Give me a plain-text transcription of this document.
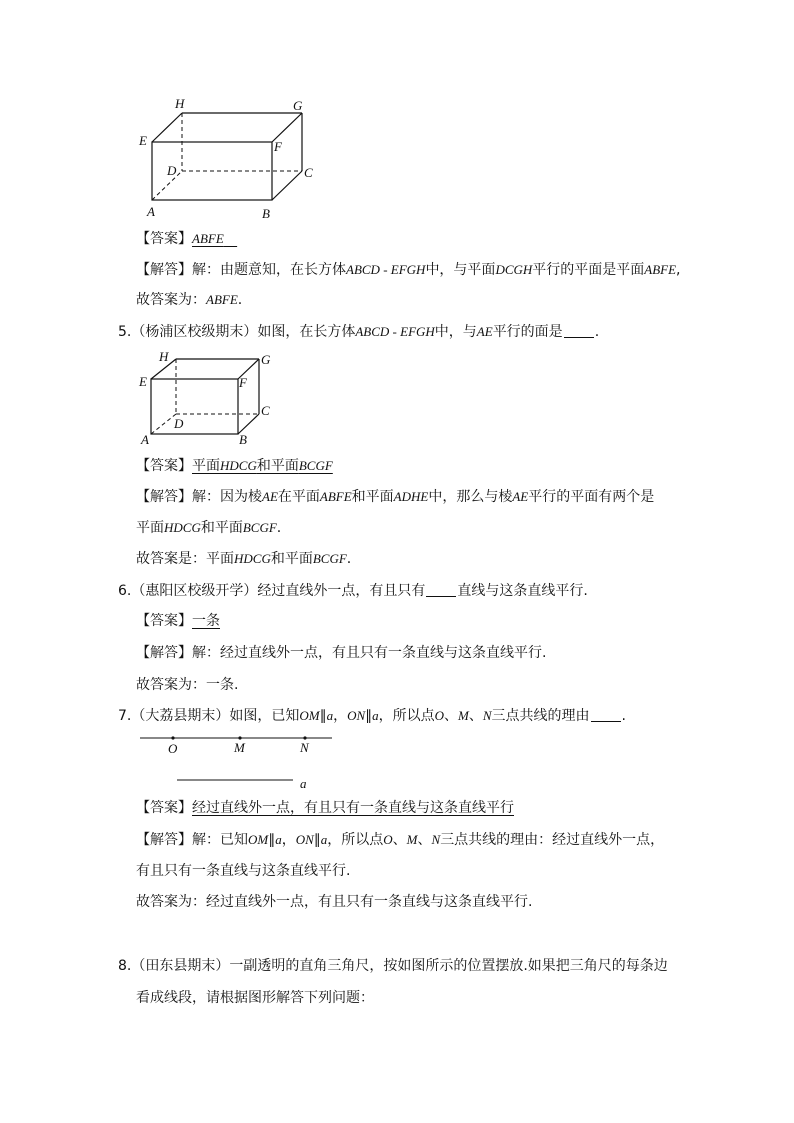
H	G
E	F
D	C
A	B
【答案】ABFE
【解答】解：由题意知，在长方体ABCD - EFGH中，与平面DCGH平行的平面是平面ABFE,
故答案为：ABFE.
5.（杨浦区校级期末）如图，在长方体ABCD - EFGH中，与AE平行的面是 .
H	G
E	F
D
C
A	B
【答案】平面HDCG和平面BCGF
【解答】解：因为棱AE在平面ABFE和平面ADHE中，那么与棱AE平行的平面有两个是
平面HDCG和平面BCGF.
故答案是：平面HDCG和平面BCGF.
6.（惠阳区校级开学）经过直线外一点，有且只有 直线与这条直线平行.
【答案】一条
【解答】解：经过直线外一点，有且只有一条直线与这条直线平行.
故答案为：一条.
7.（大荔县期末）如图，已知OM∥a，ON∥a，所以点O、M、N三点共线的理由 .
O	M	N
a
【答案】经过直线外一点，有且只有一条直线与这条直线平行
【解答】解：已知OM∥a，ON∥a，所以点O、M、N三点共线的理由：经过直线外一点，
有且只有一条直线与这条直线平行.
故答案为：经过直线外一点，有且只有一条直线与这条直线平行.
8.（田东县期末）一副透明的直角三角尺，按如图所示的位置摆放.如果把三角尺的每条边
看成线段，请根据图形解答下列问题：
